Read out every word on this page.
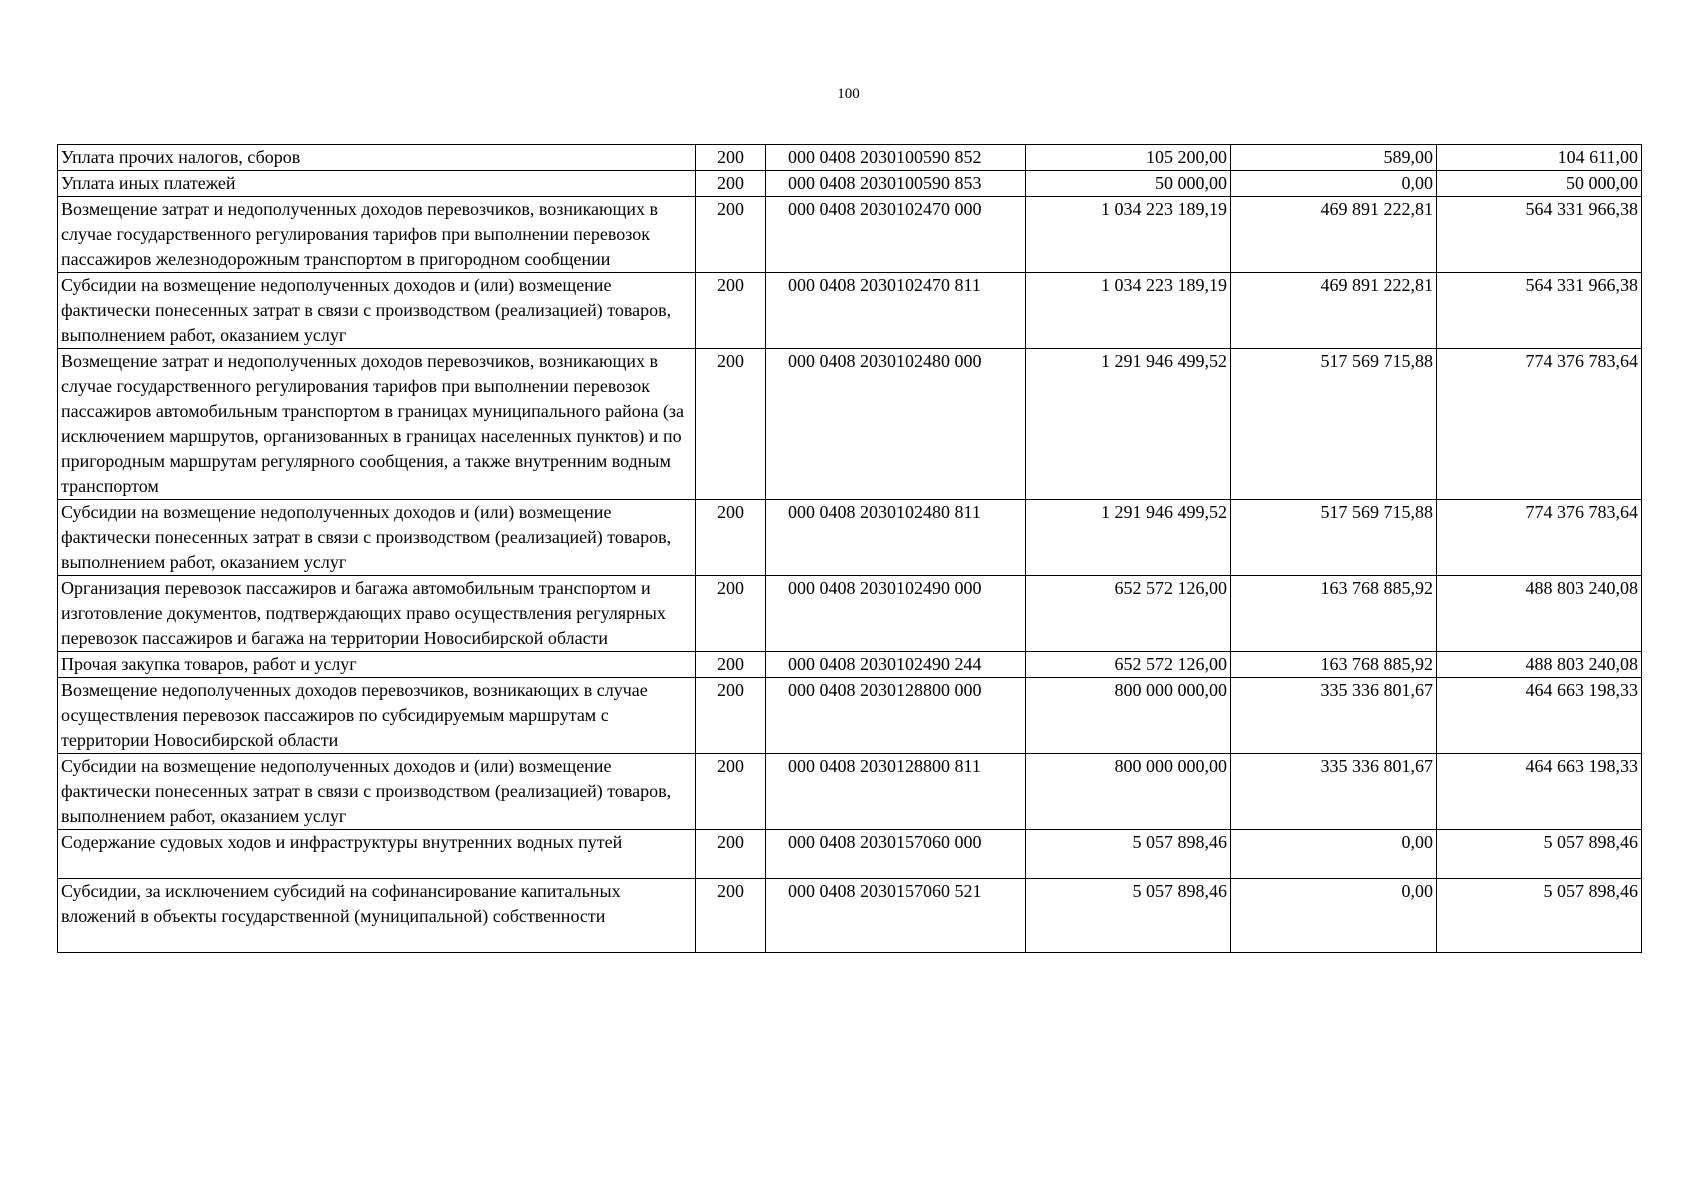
100
Уплата прочих налогов, сборов	200	000 0408 2030100590 852	105 200,00	589,00	104 611,00
Уплата иных платежей	200	000 0408 2030100590 853	50 000,00	0,00	50 000,00
Возмещение затрат и недополученных доходов перевозчиков, возникающих в случае государственного регулирования тарифов при выполнении перевозок пассажиров железнодорожным транспортом в пригородном сообщении	200	000 0408 2030102470 000	1 034 223 189,19	469 891 222,81	564 331 966,38
Субсидии на возмещение недополученных доходов и (или) возмещение фактически понесенных затрат в связи с производством (реализацией) товаров, выполнением работ, оказанием услуг	200	000 0408 2030102470 811	1 034 223 189,19	469 891 222,81	564 331 966,38
Возмещение затрат и недополученных доходов перевозчиков, возникающих в случае государственного регулирования тарифов при выполнении перевозок пассажиров автомобильным транспортом в границах муниципального района (за исключением маршрутов, организованных в границах населенных пунктов) и по пригородным маршрутам регулярного сообщения, а также внутренним водным транспортом	200	000 0408 2030102480 000	1 291 946 499,52	517 569 715,88	774 376 783,64
Субсидии на возмещение недополученных доходов и (или) возмещение фактически понесенных затрат в связи с производством (реализацией) товаров, выполнением работ, оказанием услуг	200	000 0408 2030102480 811	1 291 946 499,52	517 569 715,88	774 376 783,64
Организация перевозок пассажиров и багажа автомобильным транспортом и изготовление документов, подтверждающих право осуществления регулярных перевозок пассажиров и багажа на территории Новосибирской области	200	000 0408 2030102490 000	652 572 126,00	163 768 885,92	488 803 240,08
Прочая закупка товаров, работ и услуг	200	000 0408 2030102490 244	652 572 126,00	163 768 885,92	488 803 240,08
Возмещение недополученных доходов перевозчиков, возникающих в случае осуществления перевозок пассажиров по субсидируемым маршрутам с территории Новосибирской области	200	000 0408 2030128800 000	800 000 000,00	335 336 801,67	464 663 198,33
Субсидии на возмещение недополученных доходов и (или) возмещение фактически понесенных затрат в связи с производством (реализацией) товаров, выполнением работ, оказанием услуг	200	000 0408 2030128800 811	800 000 000,00	335 336 801,67	464 663 198,33
Содержание судовых ходов и инфраструктуры внутренних водных путей	200	000 0408 2030157060 000	5 057 898,46	0,00	5 057 898,46
Субсидии, за исключением субсидий на софинансирование капитальных вложений в объекты государственной (муниципальной) собственности	200	000 0408 2030157060 521	5 057 898,46	0,00	5 057 898,46
